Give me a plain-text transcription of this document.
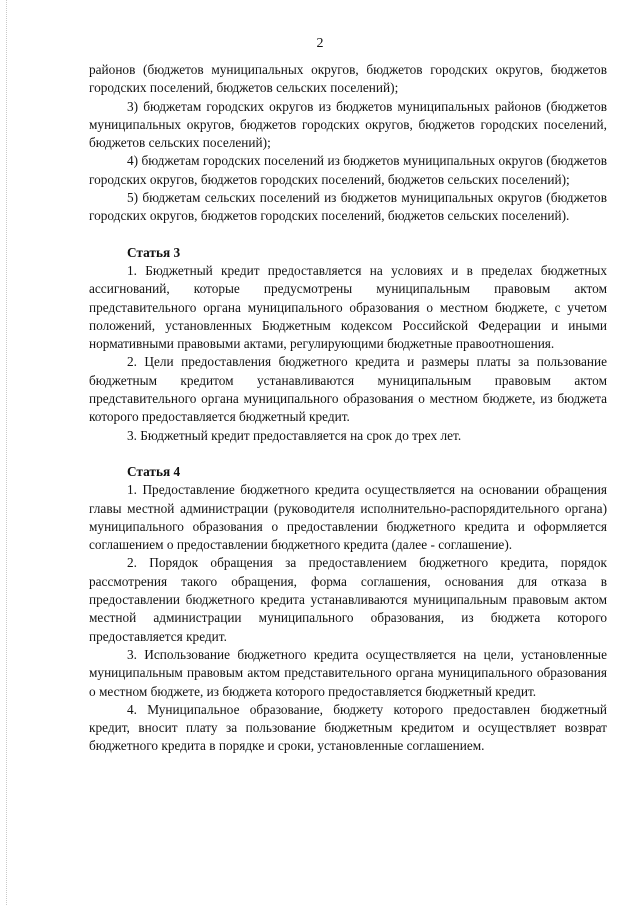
2

районов (бюджетов муниципальных округов, бюджетов городских округов, бюджетов городских поселений, бюджетов сельских поселений);

3) бюджетам городских округов из бюджетов муниципальных районов (бюджетов муниципальных округов, бюджетов городских округов, бюджетов городских поселений, бюджетов сельских поселений);

4) бюджетам городских поселений из бюджетов муниципальных округов (бюджетов городских округов, бюджетов городских поселений, бюджетов сельских поселений);

5) бюджетам сельских поселений из бюджетов муниципальных округов (бюджетов городских округов, бюджетов городских поселений, бюджетов сельских поселений).

Статья 3

1. Бюджетный кредит предоставляется на условиях и в пределах бюджетных ассигнований, которые предусмотрены муниципальным правовым актом представительного органа муниципального образования о местном бюджете, с учетом положений, установленных Бюджетным кодексом Российской Федерации и иными нормативными правовыми актами, регулирующими бюджетные правоотношения.

2. Цели предоставления бюджетного кредита и размеры платы за пользование бюджетным кредитом устанавливаются муниципальным правовым актом представительного органа муниципального образования о местном бюджете, из бюджета которого предоставляется бюджетный кредит.

3. Бюджетный кредит предоставляется на срок до трех лет.

Статья 4

1. Предоставление бюджетного кредита осуществляется на основании обращения главы местной администрации (руководителя исполнительно-распорядительного органа) муниципального образования о предоставлении бюджетного кредита и оформляется соглашением о предоставлении бюджетного кредита (далее - соглашение).

2. Порядок обращения за предоставлением бюджетного кредита, порядок рассмотрения такого обращения, форма соглашения, основания для отказа в предоставлении бюджетного кредита устанавливаются муниципальным правовым актом местной администрации муниципального образования, из бюджета которого предоставляется кредит.

3. Использование бюджетного кредита осуществляется на цели, установленные муниципальным правовым актом представительного органа муниципального образования о местном бюджете, из бюджета которого предоставляется бюджетный кредит.

4. Муниципальное образование, бюджету которого предоставлен бюджетный кредит, вносит плату за пользование бюджетным кредитом и осуществляет возврат бюджетного кредита в порядке и сроки, установленные соглашением.
